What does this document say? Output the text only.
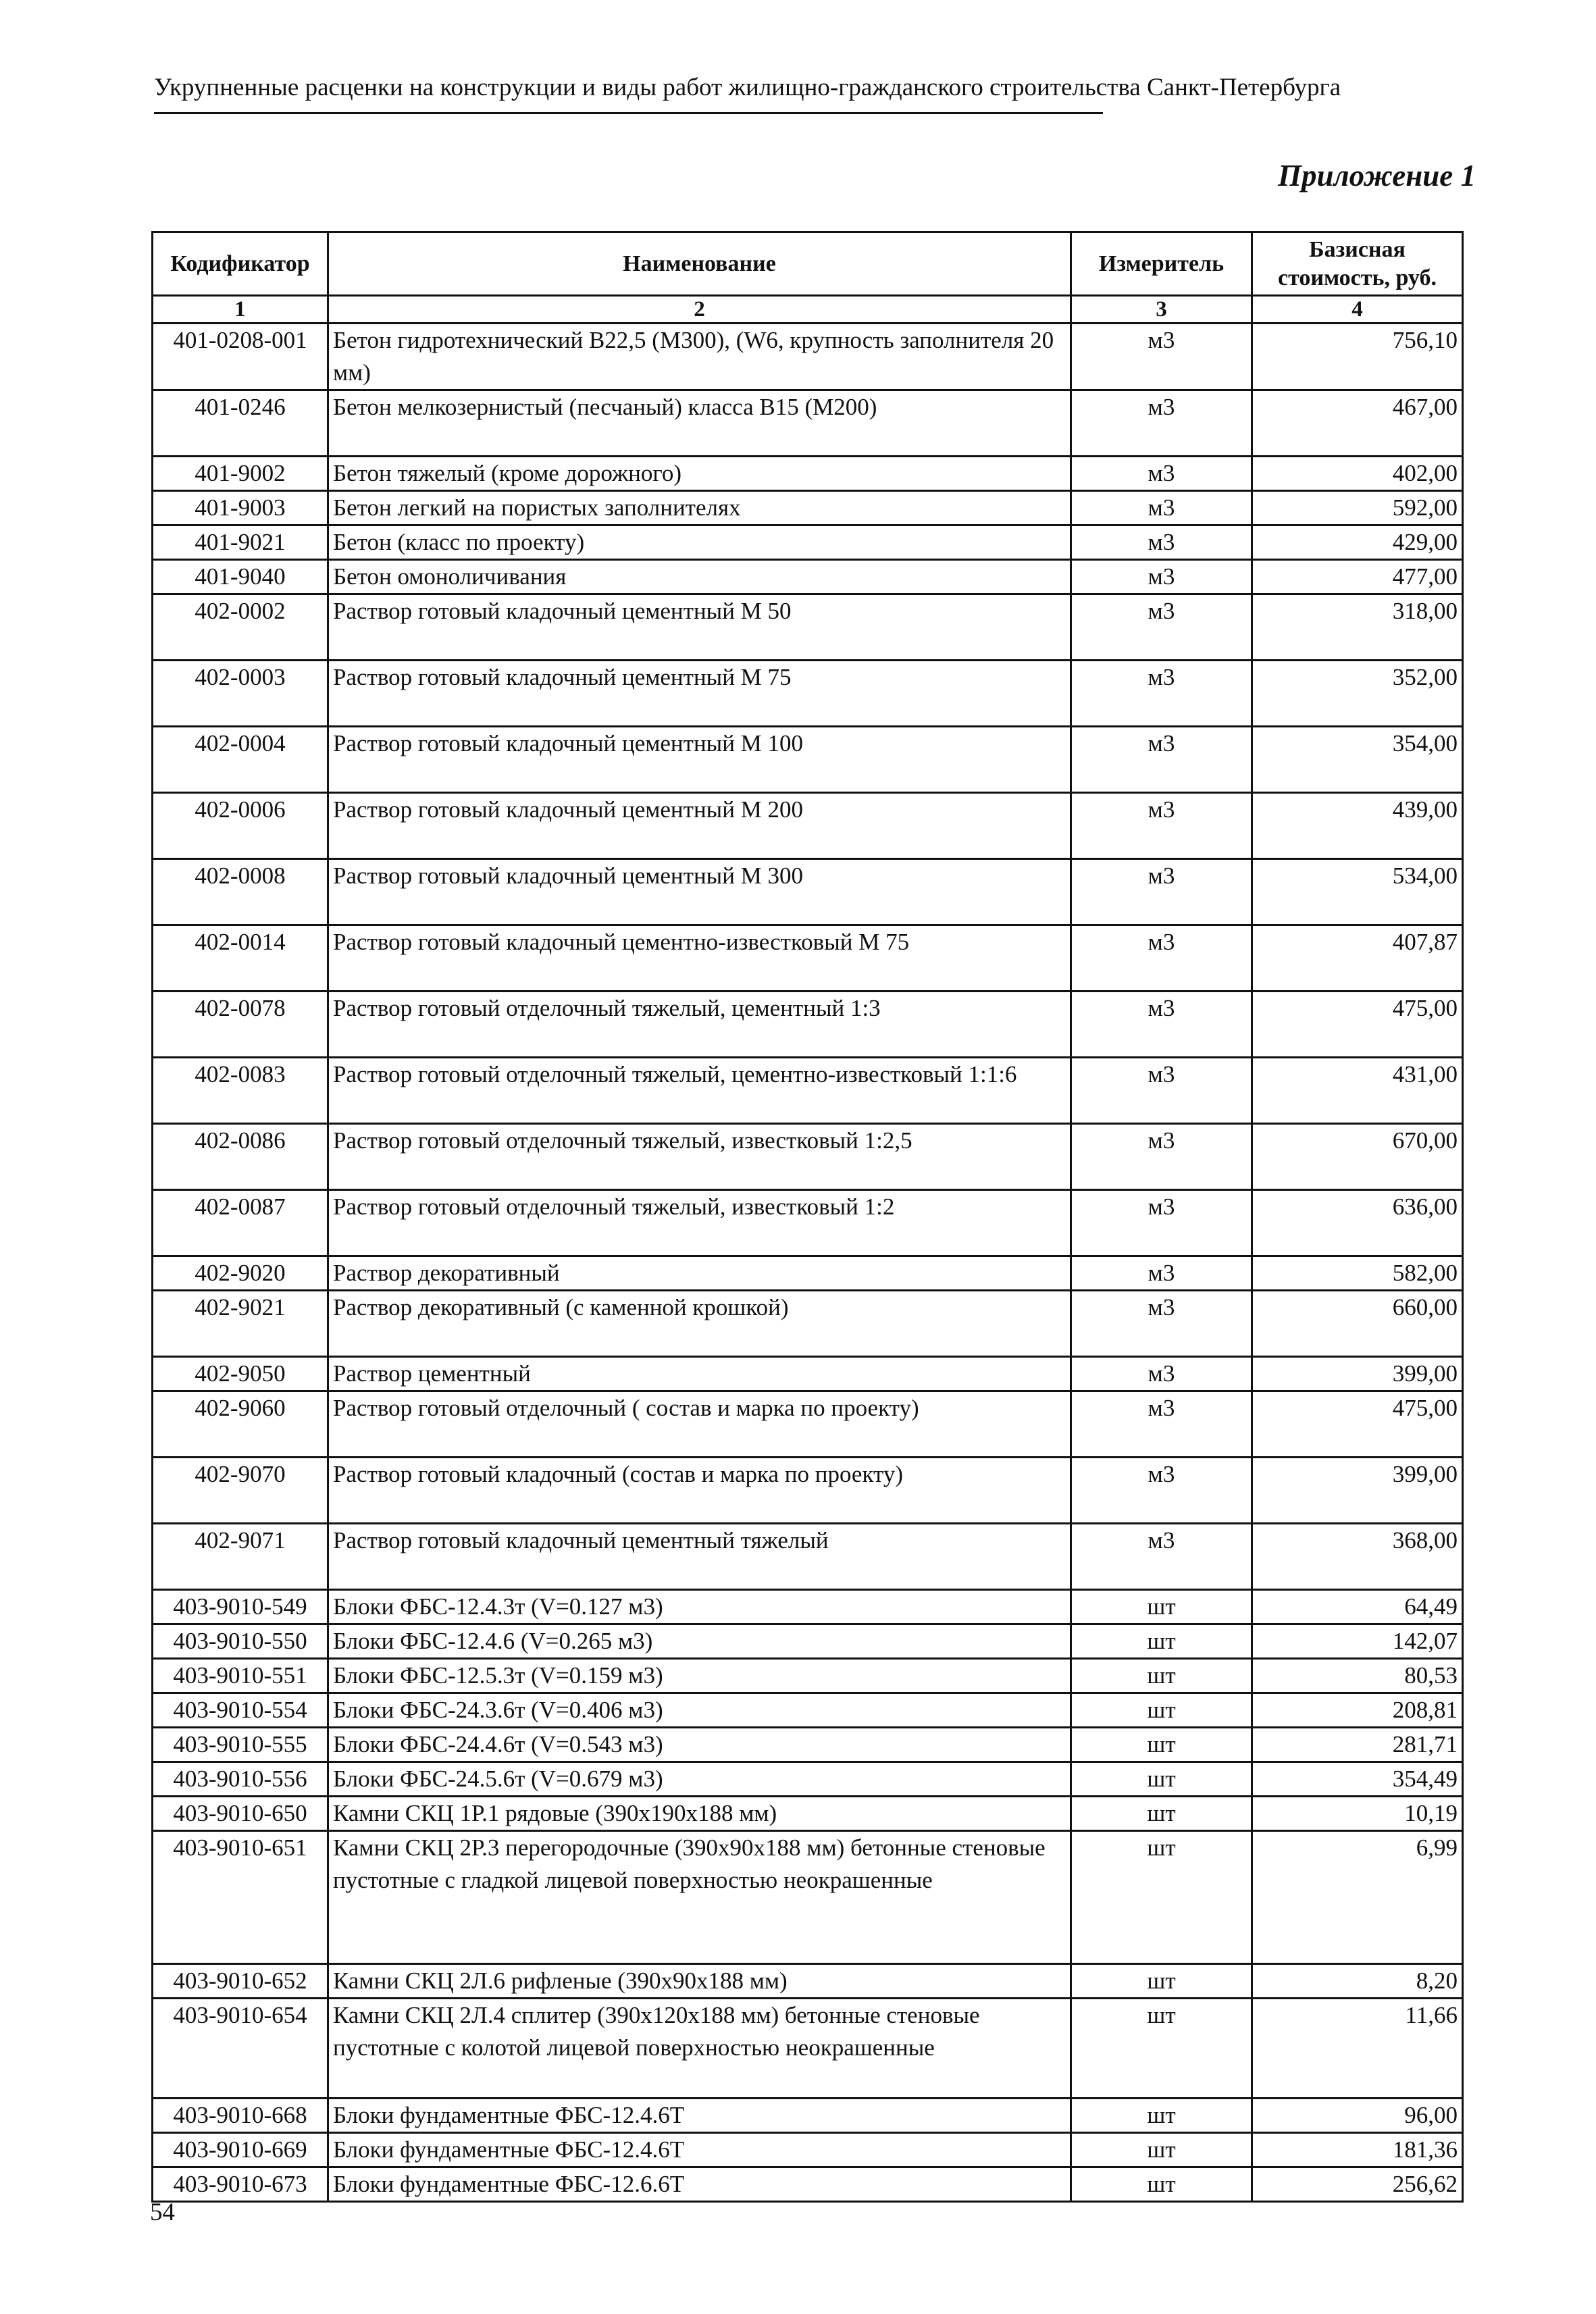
Укрупненные расценки на конструкции и виды работ жилищно-гражданского строительства Санкт-Петербурга
Приложение 1
Кодификатор	Наименование	Измеритель	Базисная стоимость, руб.
1	2	3	4
401-0208-001	Бетон гидротехнический В22,5 (М300), (W6, крупность заполнителя 20 мм)	м3	756,10
401-0246	Бетон мелкозернистый (песчаный) класса В15 (М200)	м3	467,00
401-9002	Бетон тяжелый (кроме дорожного)	м3	402,00
401-9003	Бетон легкий на пористых заполнителях	м3	592,00
401-9021	Бетон (класс по проекту)	м3	429,00
401-9040	Бетон омоноличивания	м3	477,00
402-0002	Раствор готовый кладочный цементный М 50	м3	318,00
402-0003	Раствор готовый кладочный цементный М 75	м3	352,00
402-0004	Раствор готовый кладочный цементный М 100	м3	354,00
402-0006	Раствор готовый кладочный цементный М 200	м3	439,00
402-0008	Раствор готовый кладочный цементный М 300	м3	534,00
402-0014	Раствор готовый кладочный цементно-известковый М 75	м3	407,87
402-0078	Раствор готовый отделочный тяжелый, цементный 1:3	м3	475,00
402-0083	Раствор готовый отделочный тяжелый, цементно-известковый 1:1:6	м3	431,00
402-0086	Раствор готовый отделочный тяжелый, известковый 1:2,5	м3	670,00
402-0087	Раствор готовый отделочный тяжелый, известковый 1:2	м3	636,00
402-9020	Раствор декоративный	м3	582,00
402-9021	Раствор декоративный (с каменной крошкой)	м3	660,00
402-9050	Раствор цементный	м3	399,00
402-9060	Раствор готовый отделочный ( состав и марка по проекту)	м3	475,00
402-9070	Раствор готовый кладочный (состав и марка по проекту)	м3	399,00
402-9071	Раствор готовый кладочный цементный тяжелый	м3	368,00
403-9010-549	Блоки ФБС-12.4.3т (V=0.127 м3)	шт	64,49
403-9010-550	Блоки ФБС-12.4.6 (V=0.265 м3)	шт	142,07
403-9010-551	Блоки ФБС-12.5.3т (V=0.159 м3)	шт	80,53
403-9010-554	Блоки ФБС-24.3.6т (V=0.406 м3)	шт	208,81
403-9010-555	Блоки ФБС-24.4.6т (V=0.543 м3)	шт	281,71
403-9010-556	Блоки ФБС-24.5.6т (V=0.679 м3)	шт	354,49
403-9010-650	Камни СКЦ 1Р.1 рядовые (390х190х188 мм)	шт	10,19
403-9010-651	Камни СКЦ 2Р.3 перегородочные (390х90х188 мм) бетонные стеновые пустотные с гладкой лицевой поверхностью неокрашенные	шт	6,99
403-9010-652	Камни СКЦ 2Л.6 рифленые (390х90х188 мм)	шт	8,20
403-9010-654	Камни СКЦ 2Л.4 сплитер (390х120х188 мм) бетонные стеновые пустотные с колотой лицевой поверхностью неокрашенные	шт	11,66
403-9010-668	Блоки фундаментные ФБС-12.4.6Т	шт	96,00
403-9010-669	Блоки фундаментные ФБС-12.4.6Т	шт	181,36
403-9010-673	Блоки фундаментные ФБС-12.6.6Т	шт	256,62
54
